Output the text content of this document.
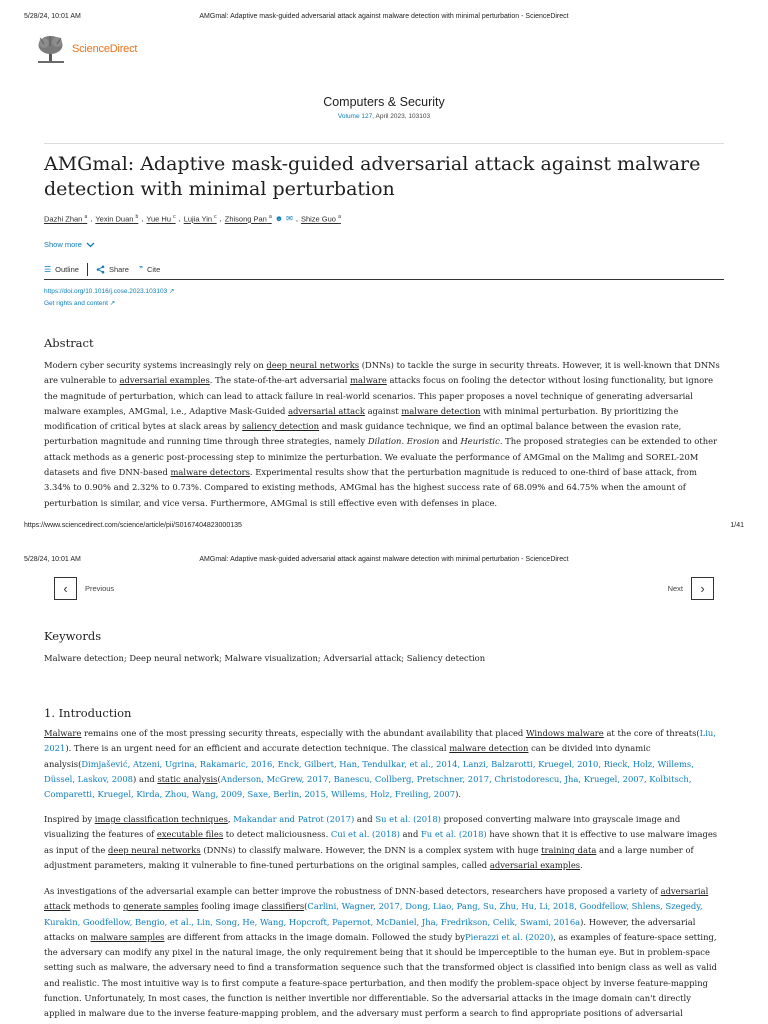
5/28/24, 10:01 AM	AMGmal: Adaptive mask-guided adversarial attack against malware detection with minimal perturbation - ScienceDirect
ScienceDirect
Computers & Security
Volume 127, April 2023, 103103
AMGmal: Adaptive mask-guided adversarial attack against malware detection with minimal perturbation
Dazhi Zhan $^a$ , Yexin Duan $^b$ , Yue Hu $^c$ , Lujia Yin $^c$ , Zhisong Pan $^a$ ☻ ✉ , Shize Guo $^a$
Show more
☰ Outline	Share ” Cite
https://doi.org/10.1016/j.cose.2023.103103 ↗
Get rights and content ↗
Abstract

Modern cyber security systems increasingly rely on deep neural networks (DNNs) to tackle the surge in security threats. However, it is well-known that DNNs are vulnerable to adversarial examples. The state-of-the-art adversarial malware attacks focus on fooling the detector without losing functionality, but ignore the magnitude of perturbation, which can lead to attack failure in real-world scenarios. This paper proposes a novel technique of generating adversarial malware examples, AMGmal, i.e., Adaptive Mask-Guided adversarial attack against malware detection with minimal perturbation. By prioritizing the modification of critical bytes at slack areas by saliency detection and mask guidance technique, we find an optimal balance between the evasion rate, perturbation magnitude and running time through three strategies, namely Dilation. Erosion and Heuristic. The proposed strategies can be extended to other attack methods as a generic post-processing step to minimize the perturbation. We evaluate the performance of AMGmal on the Malimg and SOREL-20M datasets and five DNN-based malware detectors. Experimental results show that the perturbation magnitude is reduced to one-third of base attack, from 3.34% to 0.90% and 2.32% to 0.73%. Compared to existing methods, AMGmal has the highest success rate of 68.09% and 64.75% when the amount of perturbation is similar, and vice versa. Furthermore, AMGmal is still effective even with defenses in place.

https://www.sciencedirect.com/science/article/pii/S0167404823000135	1/41
5/28/24, 10:01 AM	AMGmal: Adaptive mask-guided adversarial attack against malware detection with minimal perturbation - ScienceDirect
‹	Previous	Next	›
Keywords
Malware detection; Deep neural network; Malware visualization; Adversarial attack; Saliency detection
1. Introduction

Malware remains one of the most pressing security threats, especially with the abundant availability that placed Windows malware at the core of threats(Liu, 2021). There is an urgent need for an efficient and accurate detection technique. The classical malware detection can be divided into dynamic analysis(Dimjašević, Atzeni, Ugrina, Rakamaric, 2016, Enck, Gilbert, Han, Tendulkar, et al., 2014, Lanzi, Balzarotti, Kruegel, 2010, Rieck, Holz, Willems, Düssel, Laskov, 2008) and static analysis(Anderson, McGrew, 2017, Banescu, Collberg, Pretschner, 2017, Christodorescu, Jha, Kruegel, 2007, Kolbitsch, Comparetti, Kruegel, Kirda, Zhou, Wang, 2009, Saxe, Berlin, 2015, Willems, Holz, Freiling, 2007).

Inspired by image classification techniques, Makandar and Patrot (2017) and Su et al. (2018) proposed converting malware into grayscale image and visualizing the features of executable files to detect maliciousness. Cui et al. (2018) and Fu et al. (2018) have shown that it is effective to use malware images as input of the deep neural networks (DNNs) to classify malware. However, the DNN is a complex system with huge training data and a large number of adjustment parameters, making it vulnerable to fine-tuned perturbations on the original samples, called adversarial examples.

As investigations of the adversarial example can better improve the robustness of DNN-based detectors, researchers have proposed a variety of adversarial attack methods to generate samples fooling image classifiers(Carlini, Wagner, 2017, Dong, Liao, Pang, Su, Zhu, Hu, Li, 2018, Goodfellow, Shlens, Szegedy, Kurakin, Goodfellow, Bengio, et al., Lin, Song, He, Wang, Hopcroft, Papernot, McDaniel, Jha, Fredrikson, Celik, Swami, 2016a). However, the adversarial attacks on malware samples are different from attacks in the image domain. Followed the study byPierazzi et al. (2020), as examples of feature-space setting, the adversary can modify any pixel in the natural image, the only requirement being that it should be imperceptible to the human eye. But in problem-space setting such as malware, the adversary need to find a transformation sequence such that the transformed object is classified into benign class as well as valid and realistic. The most intuitive way is to first compute a feature-space perturbation, and then modify the problem-space object by inverse feature-mapping function. Unfortunately, In most cases, the function is neither invertible nor differentiable. So the adversarial attacks in the image domain can't directly applied in malware due to the inverse feature-mapping problem, and the adversary must perform a search to find appropriate positions of adversarial
